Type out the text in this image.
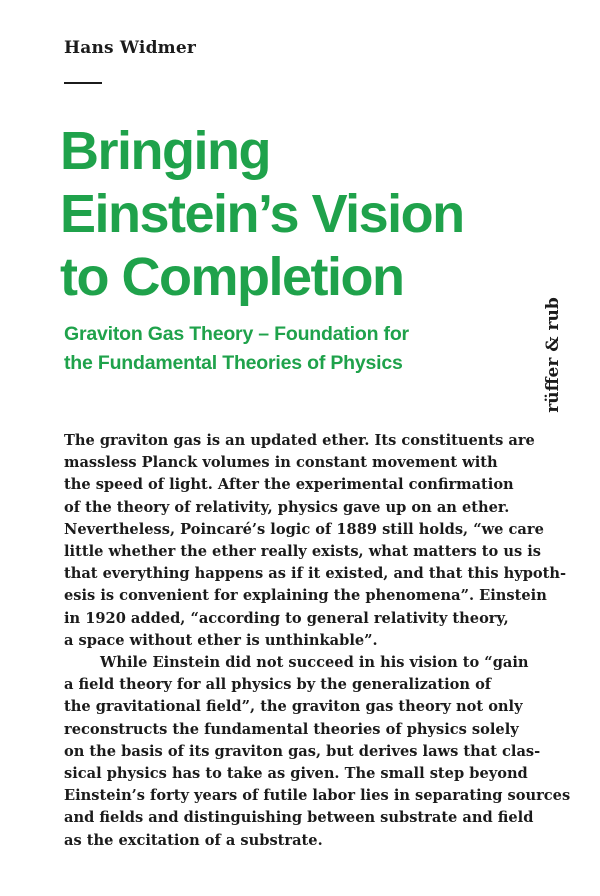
Hans Widmer
Bringing
Einstein’s Vision
to Completion
Graviton Gas Theory – Foundation for
the Fundamental Theories of Physics	rüffer & rub
The graviton gas is an updated ether. Its constituents are
massless Planck volumes in constant movement with
the speed of light. After the experimental confirmation
of the theory of relativity, physics gave up on an ether.
Nevertheless, Poincaré’s logic of 1889 still holds, “we care
little whether the ether really exists, what matters to us is
that everything happens as if it existed, and that this hypoth-
esis is convenient for explaining the phenomena”. Einstein
in 1920 added, “according to general relativity theory,
a space without ether is unthinkable”.
While Einstein did not succeed in his vision to “gain
a field theory for all physics by the generalization of
the gravitational field”, the graviton gas theory not only
reconstructs the fundamental theories of physics solely
on the basis of its graviton gas, but derives laws that clas-
sical physics has to take as given. The small step beyond
Einstein’s forty years of futile labor lies in separating sources
and fields and distinguishing between substrate and field
as the excitation of a substrate.
